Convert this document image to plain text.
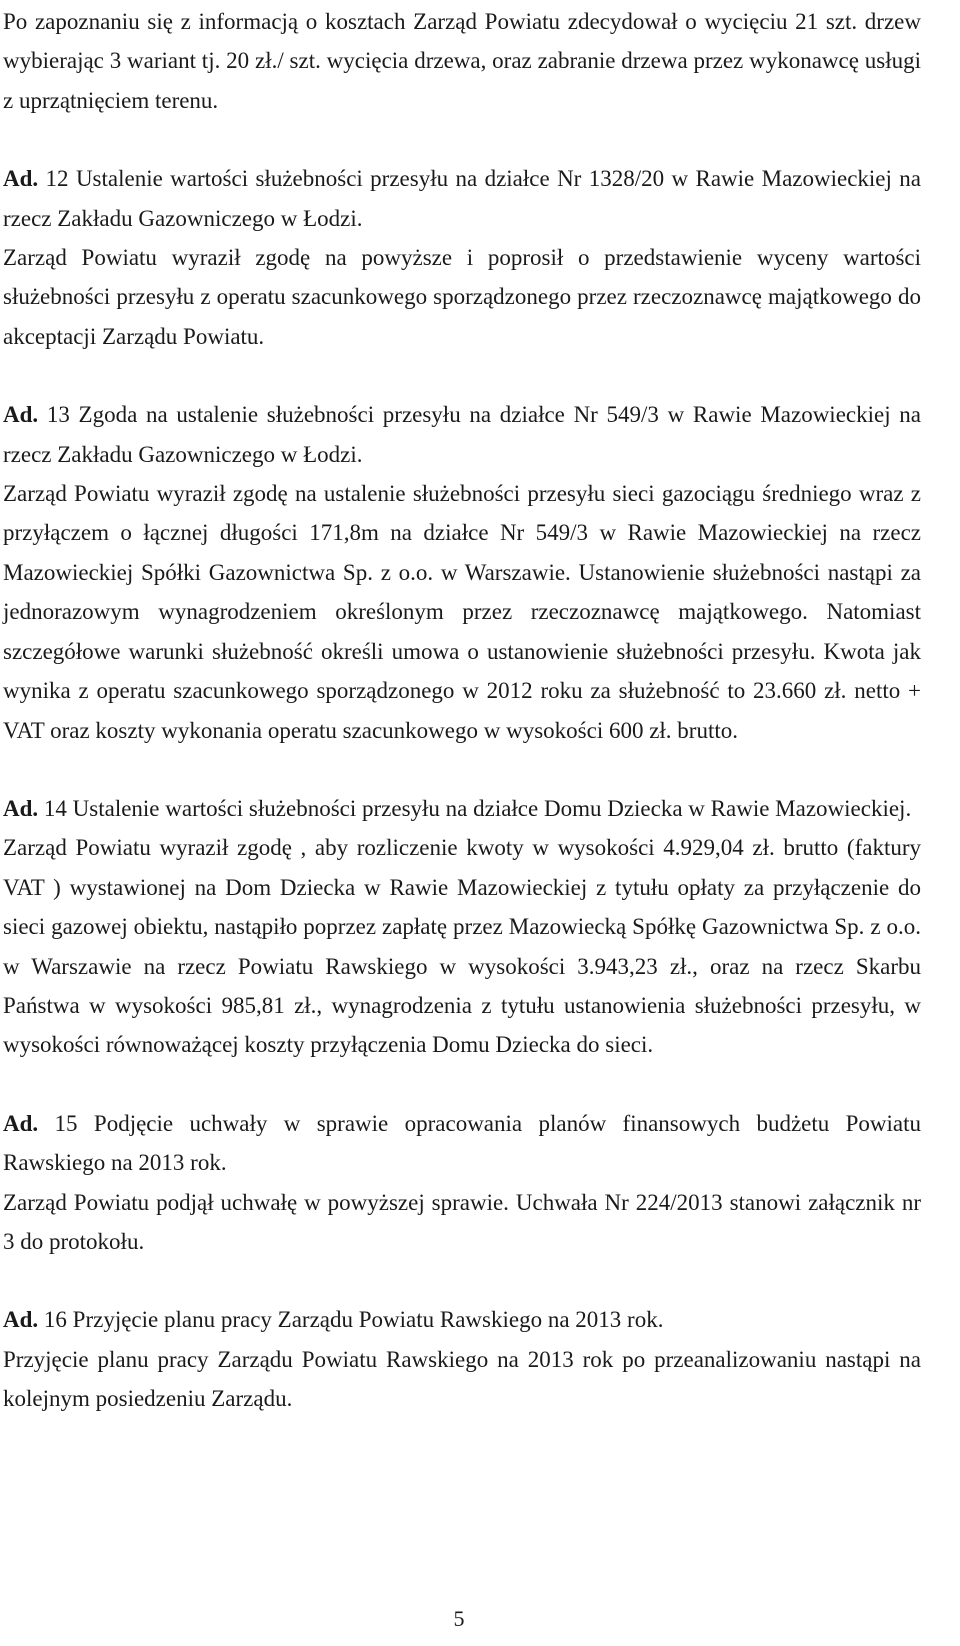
Po zapoznaniu się z informacją o kosztach Zarząd Powiatu zdecydował o wycięciu 21 szt. drzew wybierając 3 wariant tj. 20 zł./ szt. wycięcia drzewa, oraz zabranie drzewa przez wykonawcę usługi z uprzątnięciem terenu.

Ad. 12 Ustalenie wartości służebności przesyłu na działce Nr 1328/20 w Rawie Mazowieckiej na rzecz Zakładu Gazowniczego w Łodzi.

Zarząd Powiatu wyraził zgodę na powyższe i poprosił o przedstawienie wyceny wartości służebności przesyłu z operatu szacunkowego sporządzonego przez rzeczoznawcę majątkowego do akceptacji Zarządu Powiatu.

Ad. 13 Zgoda na ustalenie służebności przesyłu na działce Nr 549/3 w Rawie Mazowieckiej na rzecz Zakładu Gazowniczego w Łodzi.

Zarząd Powiatu wyraził zgodę na ustalenie służebności przesyłu sieci gazociągu średniego wraz z przyłączem o łącznej długości 171,8m na działce Nr 549/3 w Rawie Mazowieckiej na rzecz Mazowieckiej Spółki Gazownictwa Sp. z o.o. w Warszawie. Ustanowienie służebności nastąpi za jednorazowym wynagrodzeniem określonym przez rzeczoznawcę majątkowego. Natomiast szczegółowe warunki służebność określi umowa o ustanowienie służebności przesyłu. Kwota jak wynika z operatu szacunkowego sporządzonego w 2012 roku za służebność to 23.660 zł. netto + VAT oraz koszty wykonania operatu szacunkowego w wysokości 600 zł. brutto.

Ad. 14 Ustalenie wartości służebności przesyłu na działce Domu Dziecka w Rawie Mazowieckiej.

Zarząd Powiatu wyraził zgodę , aby rozliczenie kwoty w wysokości 4.929,04 zł. brutto (faktury VAT ) wystawionej na Dom Dziecka w Rawie Mazowieckiej z tytułu opłaty za przyłączenie do sieci gazowej obiektu, nastąpiło poprzez zapłatę przez Mazowiecką Spółkę Gazownictwa Sp. z o.o. w Warszawie na rzecz Powiatu Rawskiego w wysokości 3.943,23 zł., oraz na rzecz Skarbu Państwa w wysokości 985,81 zł., wynagrodzenia z tytułu ustanowienia służebności przesyłu, w wysokości równoważącej koszty przyłączenia Domu Dziecka do sieci.

Ad. 15 Podjęcie uchwały w sprawie opracowania planów finansowych budżetu Powiatu Rawskiego na 2013 rok.

Zarząd Powiatu podjął uchwałę w powyższej sprawie. Uchwała Nr 224/2013 stanowi załącznik nr 3 do protokołu.

Ad. 16 Przyjęcie planu pracy Zarządu Powiatu Rawskiego na 2013 rok.

Przyjęcie planu pracy Zarządu Powiatu Rawskiego na 2013 rok po przeanalizowaniu nastąpi na kolejnym posiedzeniu Zarządu.

5
